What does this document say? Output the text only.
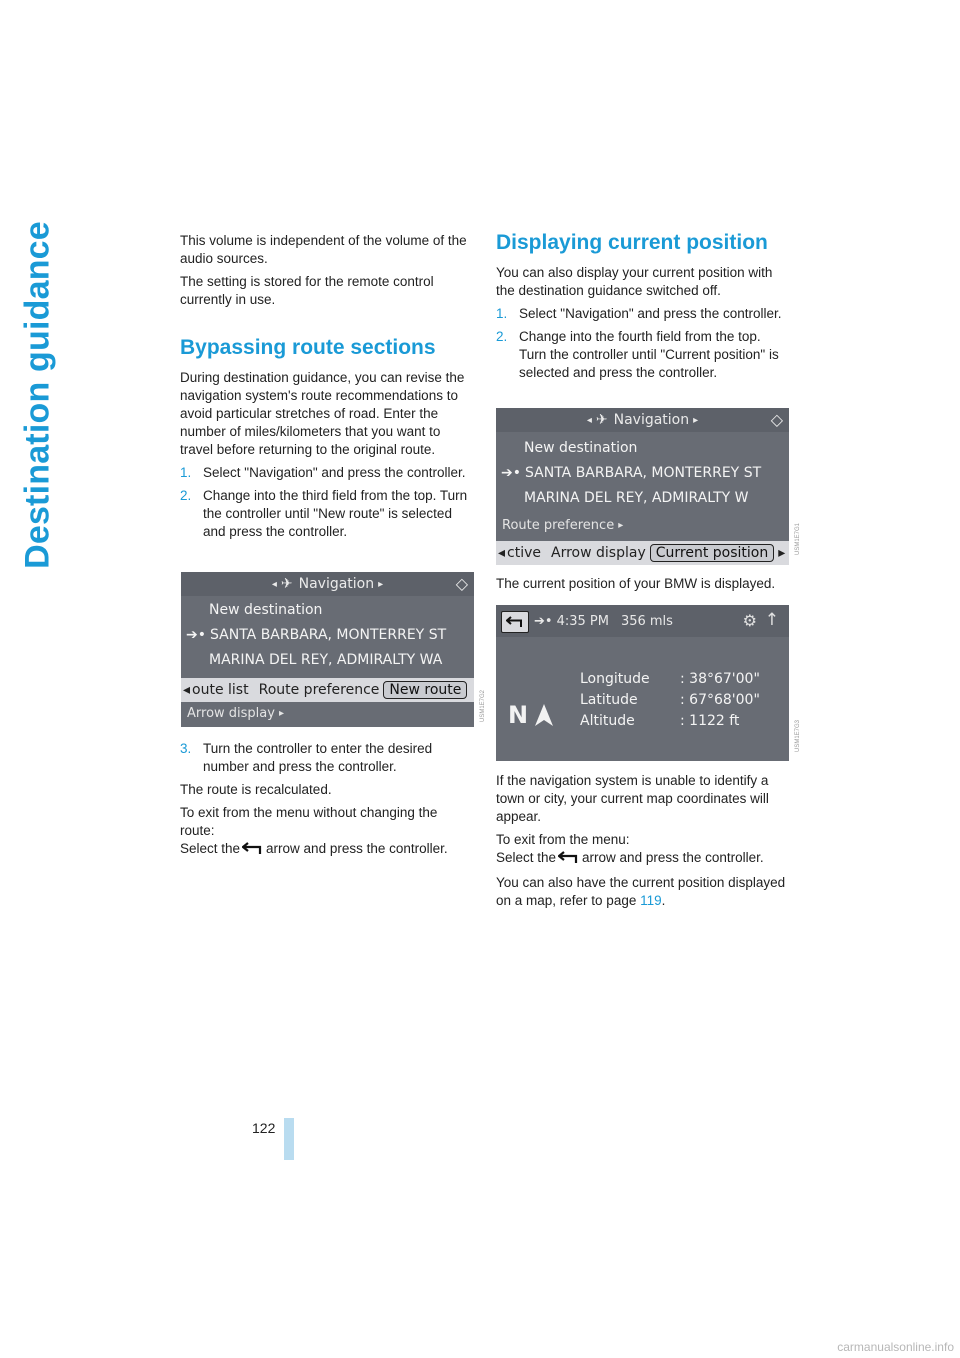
Destination guidance	This volume is independent of the volume of the audio sources.

The setting is stored for the remote control currently in use.

Bypassing route sections

During destination guidance, you can revise the navigation system's route recommendations to avoid particular stretches of road. Enter the number of miles/kilometers that you want to travel before returning to the original route.

1. Select "Navigation" and press the controller.
2. Change into the third field from the top. Turn the controller until "New route" is selected and press the controller.
◂ ✈ Navigation ▸	◇
New destination
➔• SANTA BARBARA, MONTERREY ST
MARINA DEL REY, ADMIRALTY WA
◂ oute list Route preference New route
Arrow display ▸	USM1E7G2
3. Turn the controller to enter the desired number and press the controller.

The route is recalculated.

To exit from the menu without changing the route:

Select the arrow and press the controller.

Displaying current position

You can also display your current position with the destination guidance switched off.

1. Select "Navigation" and press the controller.
2. Change into the fourth field from the top. Turn the controller until "Current position" is selected and press the controller.
◂ ✈ Navigation ▸	◇
New destination
➔• SANTA BARBARA, MONTERREY ST
MARINA DEL REY, ADMIRALTY W
Route preference ▸
◂ ctive Arrow display Current position ▸ USM1E7G1

The current position of your BMW is displayed.

➔• 4:35 PM 356 mls	⚙ ↑
Longitude	: 38°67'00"
Latitude	: 67°68'00"
Altitude	: 1122 ft
N
USM1E7G3

If the navigation system is unable to identify a town or city, your current map coordinates will appear.

To exit from the menu:

Select the arrow and press the controller.

You can also have the current position displayed on a map, refer to page 119.

122
carmanualsonline.info
